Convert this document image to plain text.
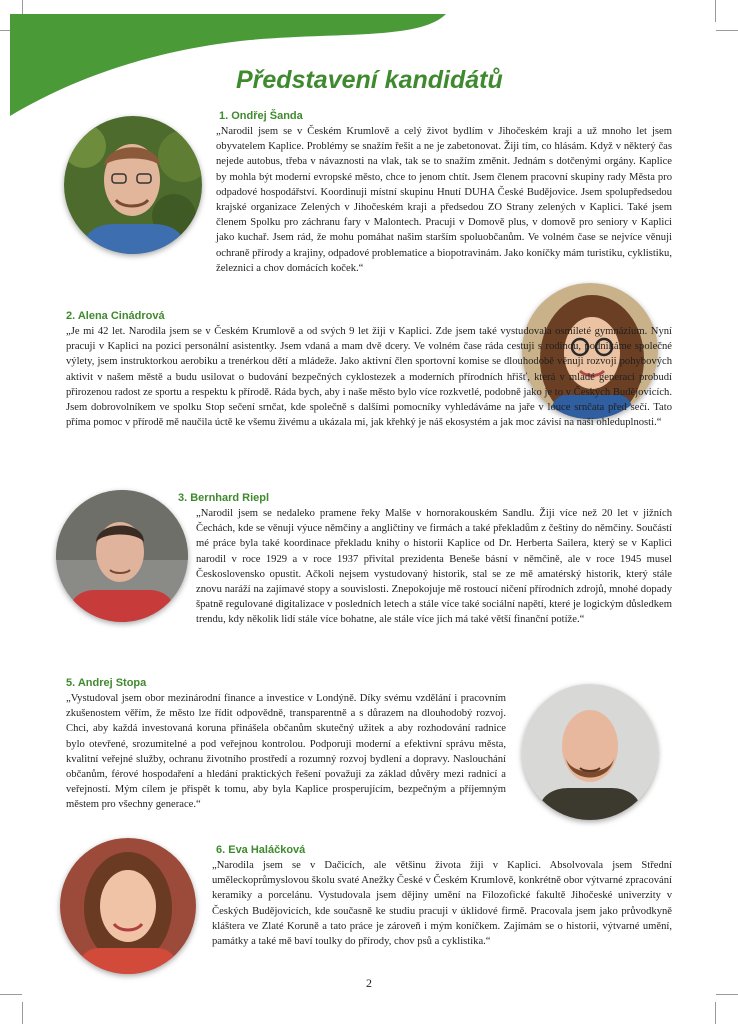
Představení kandidátů
1. Ondřej Šanda

„Narodil jsem se v Českém Krumlově a celý život bydlím v Jihočeském kraji a už mnoho let jsem obyvatelem Kaplice. Problémy se snažím řešit a ne je zabetonovat. Žiji tím, co hlásám. Když v některý čas nejede autobus, třeba v návaznosti na vlak, tak se to snažím změnit. Jednám s dotčenými orgány. Kaplice by mohla být moderní evropské město, chce to jenom chtít. Jsem členem pracovní skupiny rady Města pro odpadové hospodářství. Koordinuji místní skupinu Hnutí DUHA České Budějovice. Jsem spolupředsedou krajské organizace Zelených v Jihočeském kraji a předsedou ZO Strany zelených v Kaplici. Také jsem členem Spolku pro záchranu fary v Malontech. Pracuji v Domově plus, v domově pro seniory v Kaplici jako kuchař. Jsem rád, že mohu pomáhat našim starším spoluobčanům. Ve volném čase se nejvíce věnuji ochraně přírody a krajiny, odpadové problematice a biopotravinám. Jako koníčky mám turistiku, cyklistiku, železnici a chov domácích koček.“

2. Alena Cinádrová

„Je mi 42 let. Narodila jsem se v Českém Krumlově a od svých 9 let žiji v Kaplici. Zde jsem také vystudovala osmileté gymnázium. Nyní pracuji v Kaplici na pozici personální asistentky. Jsem vdaná a mam dvě dcery. Ve volném čase ráda cestuji s rodinou, podnikáme společné výlety, jsem instruktorkou aerobiku a trenérkou dětí a mládeže. Jako aktivní člen sportovní komise se dlouhodobě věnuji rozvoji pohybových aktivit v našem městě a budu usilovat o budování bezpečných cyklostezek a moderních přírodních hřišť, která v mladé generaci probudí přirozenou radost ze sportu a respektu k přírodě. Ráda bych, aby i naše město bylo více rozkvetlé, podobně jako je to v Českých Budějovicích. Jsem dobrovolníkem ve spolku Stop sečení srnčat, kde společně s dalšími pomocníky vyhledáváme na jaře v louce srnčata před sečí. Tato příma pomoc v přírodě mě naučila úctě ke všemu živému a ukázala mi, jak křehký je náš ekosystém a jak moc závisí na naší ohleduplnosti.“

3. Bernhard Riepl

„Narodil jsem se nedaleko pramene řeky Malše v hornorakouském Sandlu. Žiji více než 20 let v jižních Čechách, kde se věnuji výuce němčiny a angličtiny ve firmách a také překladům z češtiny do němčiny. Součástí mé práce byla také koordinace překladu knihy o historii Kaplice od Dr. Herberta Sailera, který se v Kaplici narodil v roce 1929 a v roce 1937 přivítal prezidenta Beneše básní v němčině, ale v roce 1945 musel Československo opustit. Ačkoli nejsem vystudovaný historik, stal se ze mě amatérský historik, který stále znovu naráží na zajímavé stopy a souvislosti. Znepokojuje mě rostoucí ničení přírodních zdrojů, mnohé dopady špatně regulované digitalizace v posledních letech a stále více také sociální napětí, které je logickým důsledkem trendu, kdy několik lidí stále více bohatne, ale stále více jich má také větší finanční potíže.“

5. Andrej Stopa

„Vystudoval jsem obor mezinárodní finance a investice v Londýně. Díky svému vzdělání i pracovním zkušenostem věřím, že město lze řídit odpovědně, transparentně a s důrazem na dlouhodobý rozvoj. Chci, aby každá investovaná koruna přinášela občanům skutečný užitek a aby rozhodování radnice bylo otevřené, srozumitelné a pod veřejnou kontrolou. Podporuji moderní a efektivní správu města, kvalitní veřejné služby, ochranu životního prostředí a rozumný rozvoj bydlení a dopravy. Naslouchání občanům, férové hospodaření a hledání praktických řešení považuji za základ důvěry mezi radnicí a veřejností. Mým cílem je přispět k tomu, aby byla Kaplice prosperujícím, bezpečným a příjemným městem pro všechny generace.“

6. Eva Haláčková

„Narodila jsem se v Dačicích, ale většinu života žiji v Kaplici. Absolvovala jsem Střední uměleckoprůmyslovou školu svaté Anežky České v Českém Krumlově, konkrétně obor výtvarné zpracování keramiky a porcelánu. Vystudovala jsem dějiny umění na Filozofické fakultě Jihočeské univerzity v Českých Budějovicích, kde současně ke studiu pracuji v úklidové firmě. Pracovala jsem jako průvodkyně kláštera ve Zlaté Koruně a tato práce je zároveň i mým koníčkem. Zajímám se o historii, výtvarné umění, památky a také mě baví toulky do přírody, chov psů a cyklistika.“

2
